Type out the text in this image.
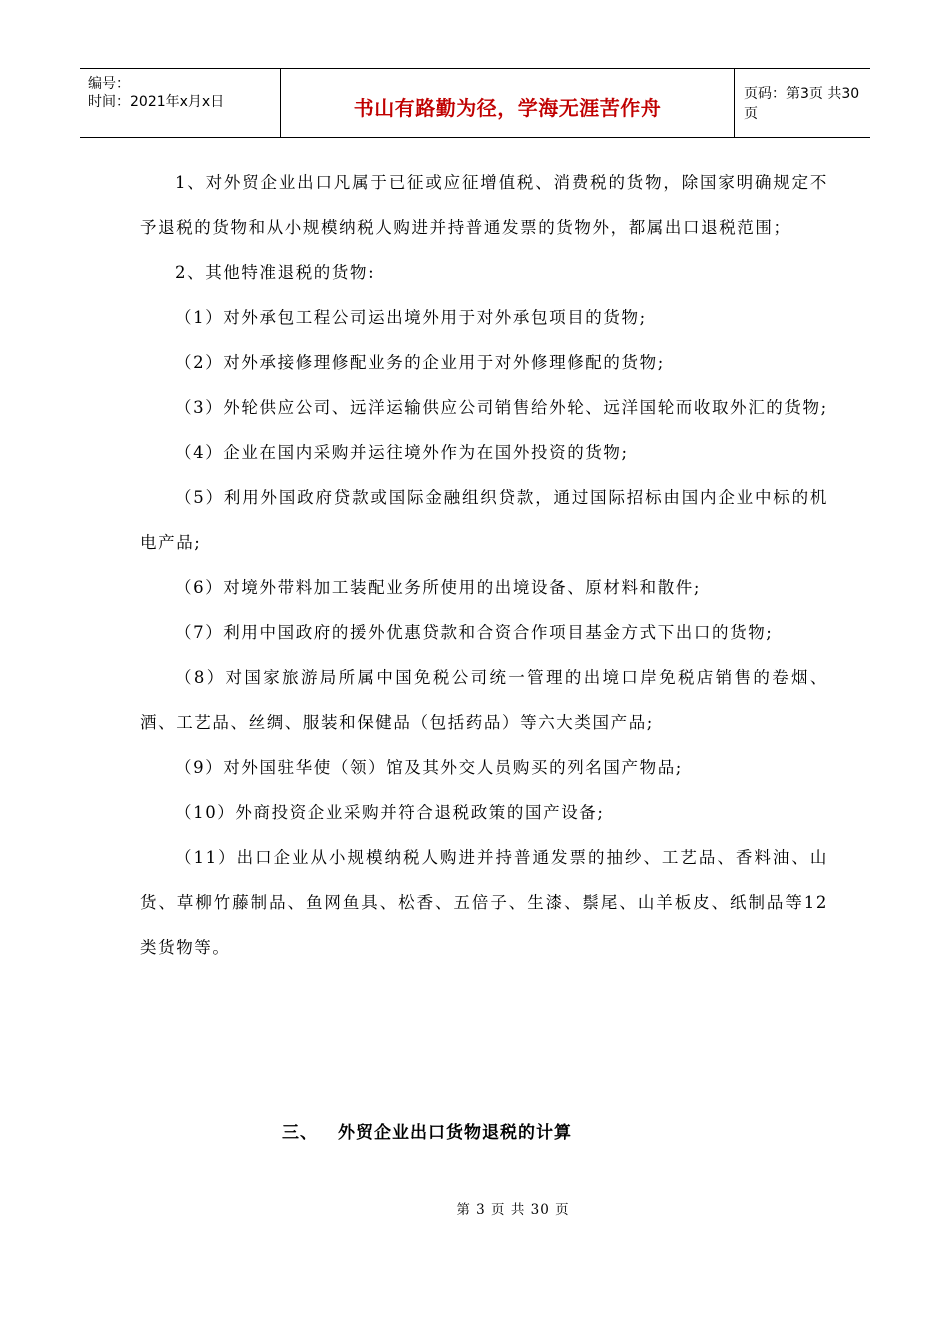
编号：
时间：2021年x月x日	书山有路勤为径，学海无涯苦作舟
页码：第3页 共30页

1、对外贸企业出口凡属于已征或应征增值税、消费税的货物，除国家明确规定不予退税的货物和从小规模纳税人购进并持普通发票的货物外，都属出口退税范围；

2、其他特准退税的货物:

（1）对外承包工程公司运出境外用于对外承包项目的货物;

（2）对外承接修理修配业务的企业用于对外修理修配的货物;

（3）外轮供应公司、远洋运输供应公司销售给外轮、远洋国轮而收取外汇的货物;

（4）企业在国内采购并运往境外作为在国外投资的货物;

（5）利用外国政府贷款或国际金融组织贷款，通过国际招标由国内企业中标的机电产品;

（6）对境外带料加工装配业务所使用的出境设备、原材料和散件;

（7）利用中国政府的援外优惠贷款和合资合作项目基金方式下出口的货物;

（8）对国家旅游局所属中国免税公司统一管理的出境口岸免税店销售的卷烟、酒、工艺品、丝绸、服装和保健品（包括药品）等六大类国产品;

（9）对外国驻华使（领）馆及其外交人员购买的列名国产物品;

（10）外商投资企业采购并符合退税政策的国产设备;

（11）出口企业从小规模纳税人购进并持普通发票的抽纱、工艺品、香料油、山货、草柳竹藤制品、鱼网鱼具、松香、五倍子、生漆、鬃尾、山羊板皮、纸制品等12类货物等。

三、 外贸企业出口货物退税的计算
第 3 页 共 30 页
